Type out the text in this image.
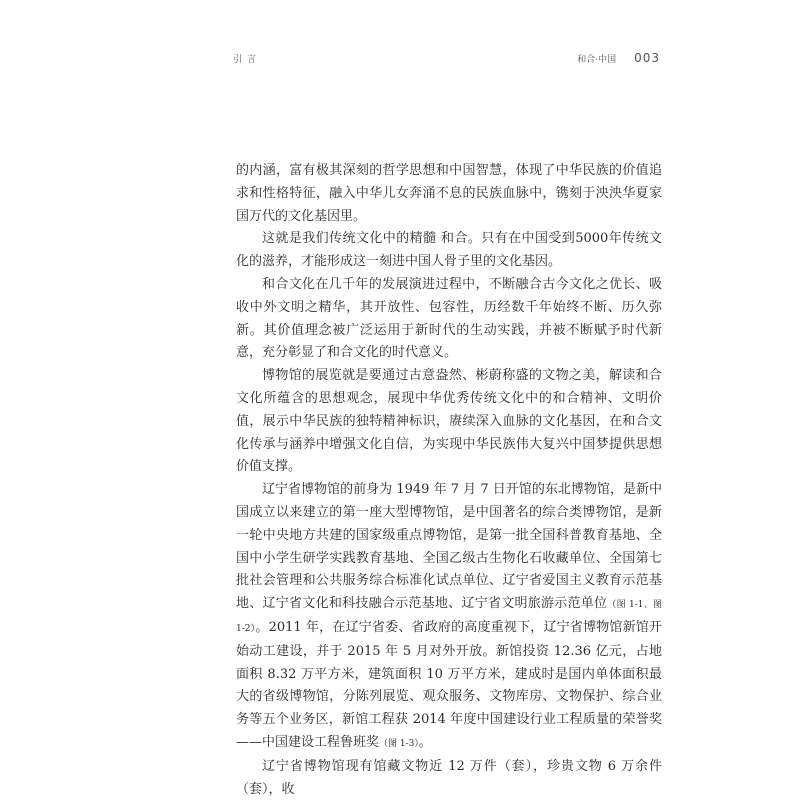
引言	和合·中国 003

的内涵，富有极其深刻的哲学思想和中国智慧，体现了中华民族的价值追求和性格特征，融入中华儿女奔涌不息的民族血脉中，镌刻于泱泱华夏家国万代的文化基因里。

这就是我们传统文化中的精髓 和合。只有在中国受到5000年传统文化的滋养，才能形成这一刻进中国人骨子里的文化基因。

和合文化在几千年的发展演进过程中，不断融合古今文化之优长、吸收中外文明之精华，其开放性、包容性，历经数千年始终不断、历久弥新。其价值理念被广泛运用于新时代的生动实践，并被不断赋予时代新意，充分彰显了和合文化的时代意义。

博物馆的展览就是要通过古意盎然、彬蔚称盛的文物之美，解读和合文化所蕴含的思想观念，展现中华优秀传统文化中的和合精神、文明价值，展示中华民族的独特精神标识，赓续深入血脉的文化基因，在和合文化传承与涵养中增强文化自信，为实现中华民族伟大复兴中国梦提供思想价值支撑。

辽宁省博物馆的前身为 1949 年 7 月 7 日开馆的东北博物馆，是新中国成立以来建立的第一座大型博物馆，是中国著名的综合类博物馆，是新一轮中央地方共建的国家级重点博物馆，是第一批全国科普教育基地、全国中小学生研学实践教育基地、全国乙级古生物化石收藏单位、全国第七批社会管理和公共服务综合标准化试点单位、辽宁省爱国主义教育示范基地、辽宁省文化和科技融合示范基地、辽宁省文明旅游示范单位（图 1-1、图 1-2）。2011 年，在辽宁省委、省政府的高度重视下，辽宁省博物馆新馆开始动工建设，并于 2015 年 5 月对外开放。新馆投资 12.36 亿元，占地面积 8.32 万平方米，建筑面积 10 万平方米，建成时是国内单体面积最大的省级博物馆，分陈列展览、观众服务、文物库房、文物保护、综合业务等五个业务区，新馆工程获 2014 年度中国建设行业工程质量的荣誉奖——中国建设工程鲁班奖（图 1-3）。

辽宁省博物馆现有馆藏文物近 12 万件（套），珍贵文物 6 万余件（套），收
